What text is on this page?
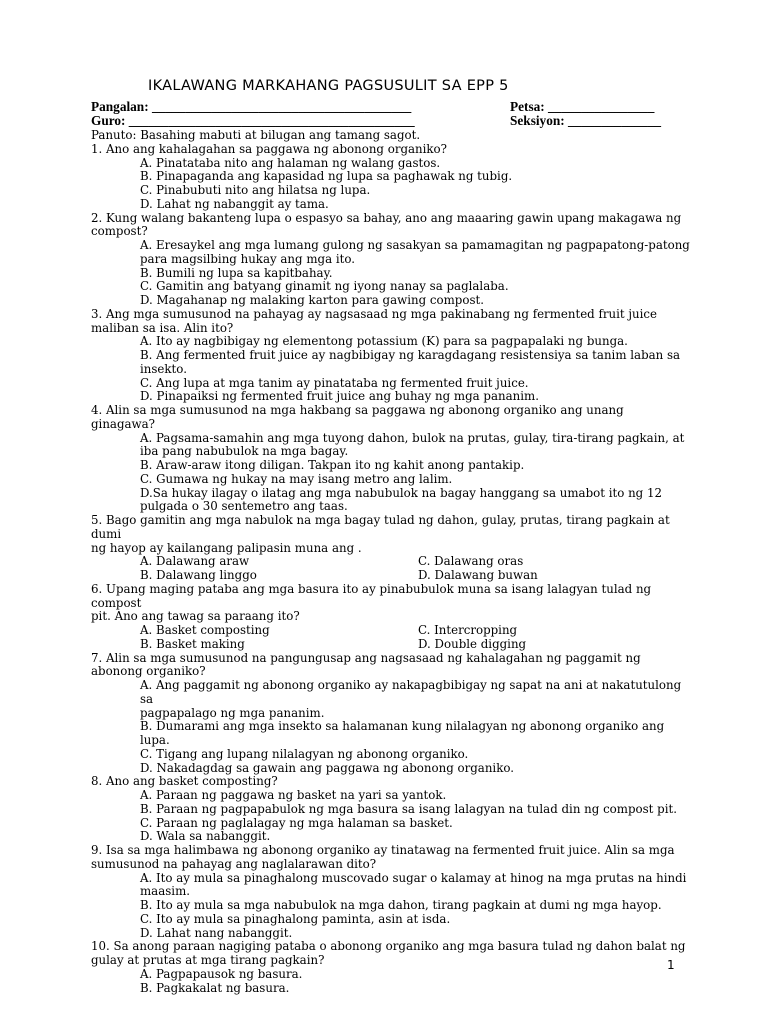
IKALAWANG MARKAHANG PAGSUSULIT SA EPP 5
Pangalan: _______________________________________	Petsa: ________________
Guro: ___________________________________________	Seksiyon: ______________
Panuto: Basahing mabuti at bilugan ang tamang sagot.
1. Ano ang kahalagahan sa paggawa ng abonong organiko?
A. Pinatataba nito ang halaman ng walang gastos.
B. Pinapaganda ang kapasidad ng lupa sa paghawak ng tubig.
C. Pinabubuti nito ang hilatsa ng lupa.
D. Lahat ng nabanggit ay tama.
2. Kung walang bakanteng lupa o espasyo sa bahay, ano ang maaaring gawin upang makagawa ng
compost?
A. Eresaykel ang mga lumang gulong ng sasakyan sa pamamagitan ng pagpapatong-patong
para magsilbing hukay ang mga ito.
B. Bumili ng lupa sa kapitbahay.
C. Gamitin ang batyang ginamit ng iyong nanay sa paglalaba.
D. Magahanap ng malaking karton para gawing compost.
3. Ang mga sumusunod na pahayag ay nagsasaad ng mga pakinabang ng fermented fruit juice
maliban sa isa. Alin ito?
A. Ito ay nagbibigay ng elementong potassium (K) para sa pagpapalaki ng bunga.
B. Ang fermented fruit juice ay nagbibigay ng karagdagang resistensiya sa tanim laban sa
insekto.
C. Ang lupa at mga tanim ay pinatataba ng fermented fruit juice.
D. Pinapaiksi ng fermented fruit juice ang buhay ng mga pananim.
4. Alin sa mga sumusunod na mga hakbang sa paggawa ng abonong organiko ang unang ginagawa?
A. Pagsama-samahin ang mga tuyong dahon, bulok na prutas, gulay, tira-tirang pagkain, at
iba pang nabubulok na mga bagay.
B. Araw-araw itong diligan. Takpan ito ng kahit anong pantakip.
C. Gumawa ng hukay na may isang metro ang lalim.
D.Sa hukay ilagay o ilatag ang mga nabubulok na bagay hanggang sa umabot ito ng 12
pulgada o 30 sentemetro ang taas.
5. Bago gamitin ang mga nabulok na mga bagay tulad ng dahon, gulay, prutas, tirang pagkain at dumi
ng hayop ay kailangang palipasin muna ang .
A. Dalawang araw	C. Dalawang oras
B. Dalawang linggo	D. Dalawang buwan
6. Upang maging pataba ang mga basura ito ay pinabubulok muna sa isang lalagyan tulad ng compost
pit. Ano ang tawag sa paraang ito?
A. Basket composting	C. Intercropping
B. Basket making	D. Double digging
7. Alin sa mga sumusunod na pangungusap ang nagsasaad ng kahalagahan ng paggamit ng
abonong organiko?
A. Ang paggamit ng abonong organiko ay nakapagbibigay ng sapat na ani at nakatutulong sa
pagpapalago ng mga pananim.
B. Dumarami ang mga insekto sa halamanan kung nilalagyan ng abonong organiko ang lupa.
C. Tigang ang lupang nilalagyan ng abonong organiko.
D. Nakadagdag sa gawain ang paggawa ng abonong organiko.
8. Ano ang basket composting?
A. Paraan ng paggawa ng basket na yari sa yantok.
B. Paraan ng pagpapabulok ng mga basura sa isang lalagyan na tulad din ng compost pit.
C. Paraan ng paglalagay ng mga halaman sa basket.
D. Wala sa nabanggit.
9. Isa sa mga halimbawa ng abonong organiko ay tinatawag na fermented fruit juice. Alin sa mga
sumusunod na pahayag ang naglalarawan dito?
A. Ito ay mula sa pinaghalong muscovado sugar o kalamay at hinog na mga prutas na hindi
maasim.
B. Ito ay mula sa mga nabubulok na mga dahon, tirang pagkain at dumi ng mga hayop.
C. Ito ay mula sa pinaghalong paminta, asin at isda.
D. Lahat nang nabanggit.
10. Sa anong paraan nagiging pataba o abonong organiko ang mga basura tulad ng dahon balat ng
gulay at prutas at mga tirang pagkain?
A. Pagpapausok ng basura.
B. Pagkakalat ng basura.
1
